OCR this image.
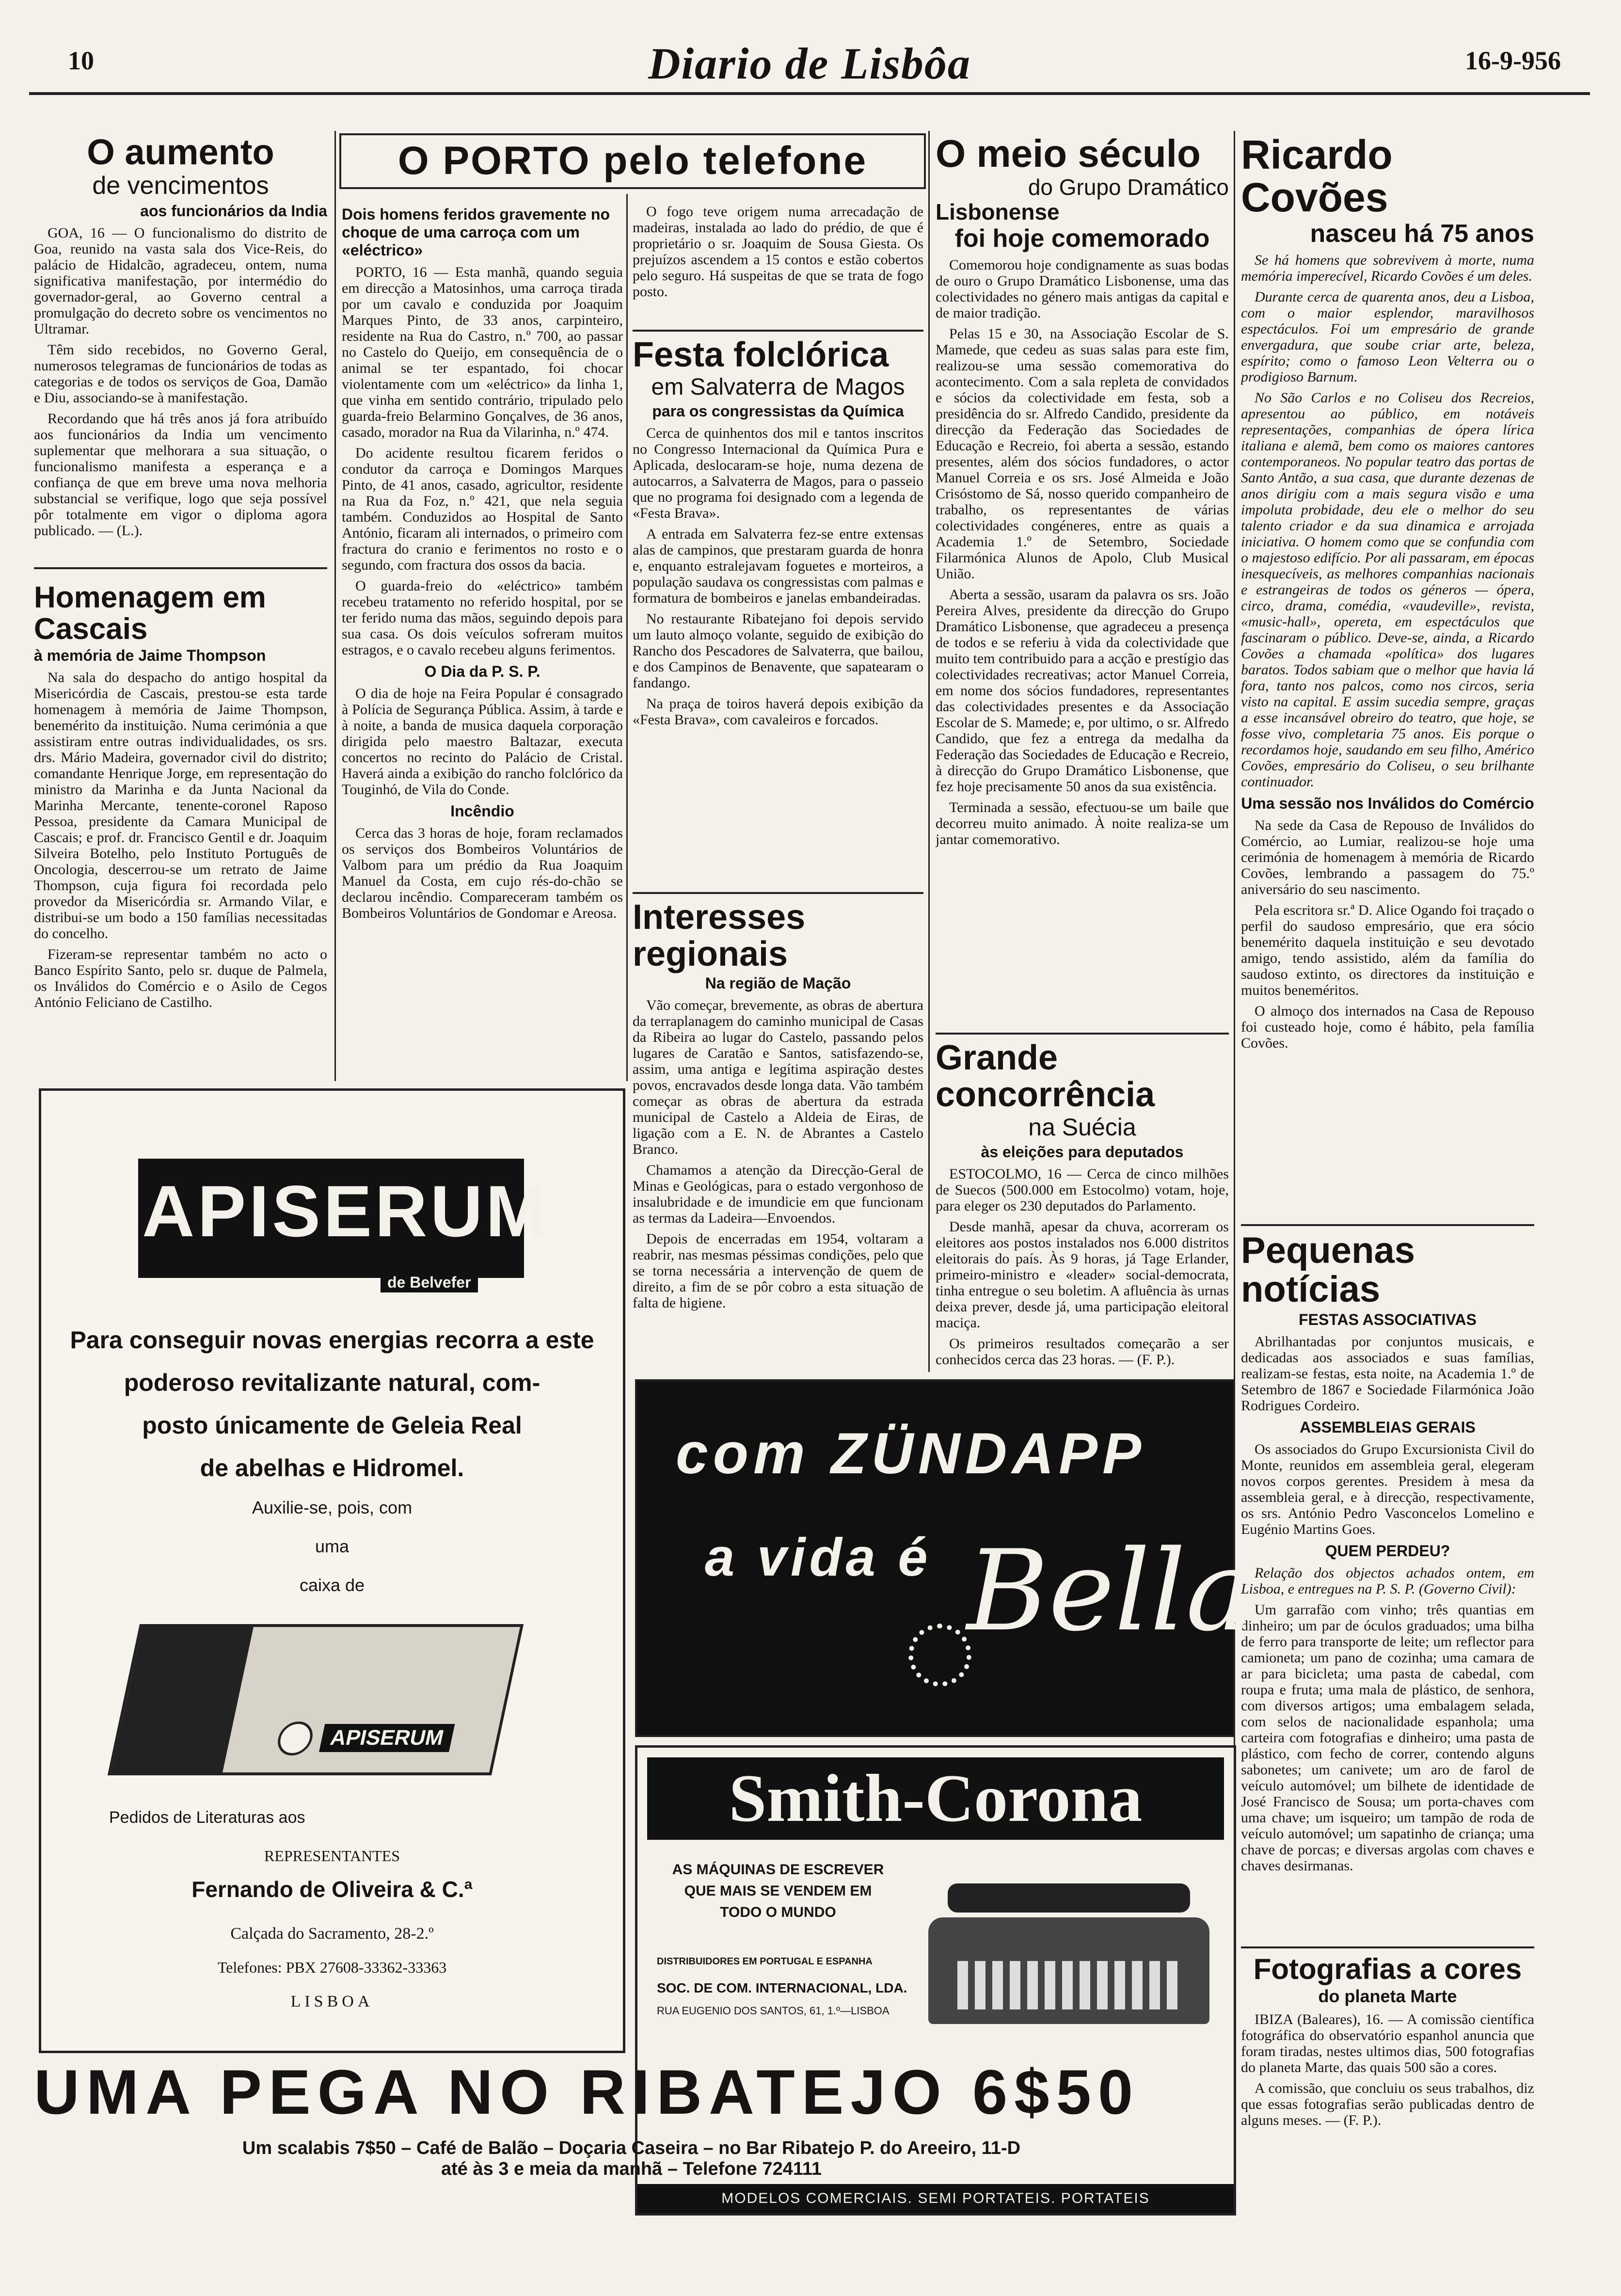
10	Diario de Lisbôa	16-9-956
O aumento
de vencimentos
aos funcionários da India

GOA, 16 — O funcionalismo do distrito de Goa, reunido na vasta sala dos Vice-Reis, do palácio de Hidalcão, agradeceu, ontem, numa significativa manifestação, por intermédio do governador-geral, ao Governo central a promulgação do decreto sobre os vencimentos no Ultramar.

Têm sido recebidos, no Governo Geral, numerosos telegramas de funcionários de todas as categorias e de todos os serviços de Goa, Damão e Diu, associando-se à manifestação.

Recordando que há três anos já fora atribuído aos funcionários da India um vencimento suplementar que melhorara a sua situação, o funcionalismo manifesta a esperança e a confiança de que em breve uma nova melhoria substancial se verifique, logo que seja possível pôr totalmente em vigor o diploma agora publicado. — (L.).

Homenagem em Cascais
à memória de Jaime Thompson

Na sala do despacho do antigo hospital da Misericórdia de Cascais, prestou-se esta tarde homenagem à memória de Jaime Thompson, benemérito da instituição. Numa cerimónia a que assistiram entre outras individualidades, os srs. drs. Mário Madeira, governador civil do distrito; comandante Henrique Jorge, em representação do ministro da Marinha e da Junta Nacional da Marinha Mercante, tenente-coronel Raposo Pessoa, presidente da Camara Municipal de Cascais; e prof. dr. Francisco Gentil e dr. Joaquim Silveira Botelho, pelo Instituto Português de Oncologia, descerrou-se um retrato de Jaime Thompson, cuja figura foi recordada pelo provedor da Misericórdia sr. Armando Vilar, e distribui-se um bodo a 150 famílias necessitadas do concelho.

Fizeram-se representar também no acto o Banco Espírito Santo, pelo sr. duque de Palmela, os Inválidos do Comércio e o Asilo de Cegos António Feliciano de Castilho.

O PORTO pelo telefone
Dois homens feridos gravemente no choque de uma carroça com um «eléctrico»

PORTO, 16 — Esta manhã, quando seguia em direcção a Matosinhos, uma carroça tirada por um cavalo e conduzida por Joaquim Marques Pinto, de 33 anos, carpinteiro, residente na Rua do Castro, n.º 700, ao passar no Castelo do Queijo, em consequência de o animal se ter espantado, foi chocar violentamente com um «eléctrico» da linha 1, que vinha em sentido contrário, tripulado pelo guarda-freio Belarmino Gonçalves, de 36 anos, casado, morador na Rua da Vilarinha, n.º 474.

Do acidente resultou ficarem feridos o condutor da carroça e Domingos Marques Pinto, de 41 anos, casado, agricultor, residente na Rua da Foz, n.º 421, que nela seguia também. Conduzidos ao Hospital de Santo António, ficaram ali internados, o primeiro com fractura do cranio e ferimentos no rosto e o segundo, com fractura dos ossos da bacia.

O guarda-freio do «eléctrico» também recebeu tratamento no referido hospital, por se ter ferido numa das mãos, seguindo depois para sua casa. Os dois veículos sofreram muitos estragos, e o cavalo recebeu alguns ferimentos.

O Dia da P. S. P.

O dia de hoje na Feira Popular é consagrado à Polícia de Segurança Pública. Assim, à tarde e à noite, a banda de musica daquela corporação dirigida pelo maestro Baltazar, executa concertos no recinto do Palácio de Cristal. Haverá ainda a exibição do rancho folclórico da Touginhó, de Vila do Conde.

Incêndio

Cerca das 3 horas de hoje, foram reclamados os serviços dos Bombeiros Voluntários de Valbom para um prédio da Rua Joaquim Manuel da Costa, em cujo rés-do-chão se declarou incêndio. Compareceram também os Bombeiros Voluntários de Gondomar e Areosa.

O fogo teve origem numa arrecadação de madeiras, instalada ao lado do prédio, de que é proprietário o sr. Joaquim de Sousa Giesta. Os prejuízos ascendem a 15 contos e estão cobertos pelo seguro. Há suspeitas de que se trata de fogo posto.

Festa folclórica
em Salvaterra de Magos
para os congressistas da Química

Cerca de quinhentos dos mil e tantos inscritos no Congresso Internacional da Química Pura e Aplicada, deslocaram-se hoje, numa dezena de autocarros, a Salvaterra de Magos, para o passeio que no programa foi designado com a legenda de «Festa Brava».

A entrada em Salvaterra fez-se entre extensas alas de campinos, que prestaram guarda de honra e, enquanto estralejavam foguetes e morteiros, a população saudava os congressistas com palmas e formatura de bombeiros e janelas embandeiradas.

No restaurante Ribatejano foi depois servido um lauto almoço volante, seguido de exibição do Rancho dos Pescadores de Salvaterra, que bailou, e dos Campinos de Benavente, que sapatearam o fandango.

Na praça de toiros haverá depois exibição da «Festa Brava», com cavaleiros e forcados.

Interesses regionais
Na região de Mação

Vão começar, brevemente, as obras de abertura da terraplanagem do caminho municipal de Casas da Ribeira ao lugar do Castelo, passando pelos lugares de Caratão e Santos, satisfazendo-se, assim, uma antiga e legítima aspiração destes povos, encravados desde longa data. Vão também começar as obras de abertura da estrada municipal de Castelo a Aldeia de Eiras, de ligação com a E. N. de Abrantes a Castelo Branco.

Chamamos a atenção da Direcção-Geral de Minas e Geológicas, para o estado vergonhoso de insalubridade e de imundicie em que funcionam as termas da Ladeira—Envoendos.

Depois de encerradas em 1954, voltaram a reabrir, nas mesmas péssimas condições, pelo que se torna necessária a intervenção de quem de direito, a fim de se pôr cobro a esta situação de falta de higiene.

O meio século
do Grupo Dramático
Lisbonense
foi hoje comemorado

Comemorou hoje condignamente as suas bodas de ouro o Grupo Dramático Lisbonense, uma das colectividades no género mais antigas da capital e de maior tradição.

Pelas 15 e 30, na Associação Escolar de S. Mamede, que cedeu as suas salas para este fim, realizou-se uma sessão comemorativa do acontecimento. Com a sala repleta de convidados e sócios da colectividade em festa, sob a presidência do sr. Alfredo Candido, presidente da direcção da Federação das Sociedades de Educação e Recreio, foi aberta a sessão, estando presentes, além dos sócios fundadores, o actor Manuel Correia e os srs. José Almeida e João Crisóstomo de Sá, nosso querido companheiro de trabalho, os representantes de várias colectividades congéneres, entre as quais a Academia 1.º de Setembro, Sociedade Filarmónica Alunos de Apolo, Club Musical União.

Aberta a sessão, usaram da palavra os srs. João Pereira Alves, presidente da direcção do Grupo Dramático Lisbonense, que agradeceu a presença de todos e se referiu à vida da colectividade que muito tem contribuido para a acção e prestígio das colectividades recreativas; actor Manuel Correia, em nome dos sócios fundadores, representantes das colectividades presentes e da Associação Escolar de S. Mamede; e, por ultimo, o sr. Alfredo Candido, que fez a entrega da medalha da Federação das Sociedades de Educação e Recreio, à direcção do Grupo Dramático Lisbonense, que fez hoje precisamente 50 anos da sua existência.

Terminada a sessão, efectuou-se um baile que decorreu muito animado. À noite realiza-se um jantar comemorativo.

Grande concorrência
na Suécia
às eleições para deputados

ESTOCOLMO, 16 — Cerca de cinco milhões de Suecos (500.000 em Estocolmo) votam, hoje, para eleger os 230 deputados do Parlamento.

Desde manhã, apesar da chuva, acorreram os eleitores aos postos instalados nos 6.000 distritos eleitorais do país. Às 9 horas, já Tage Erlander, primeiro-ministro e «leader» social-democrata, tinha entregue o seu boletim. A afluência às urnas deixa prever, desde já, uma participação eleitoral maciça.

Os primeiros resultados começarão a ser conhecidos cerca das 23 horas. — (F. P.).

Ricardo Covões
nasceu há 75 anos

Se há homens que sobrevivem à morte, numa memória imperecível, Ricardo Covões é um deles.

Durante cerca de quarenta anos, deu a Lisboa, com o maior esplendor, maravilhosos espectáculos. Foi um empresário de grande envergadura, que soube criar arte, beleza, espírito; como o famoso Leon Velterra ou o prodigioso Barnum.

No São Carlos e no Coliseu dos Recreios, apresentou ao público, em notáveis representações, companhias de ópera lírica italiana e alemã, bem como os maiores cantores contemporaneos. No popular teatro das portas de Santo Antão, a sua casa, que durante dezenas de anos dirigiu com a mais segura visão e uma impoluta probidade, deu ele o melhor do seu talento criador e da sua dinamica e arrojada iniciativa. O homem como que se confundia com o majestoso edifício. Por ali passaram, em épocas inesquecíveis, as melhores companhias nacionais e estrangeiras de todos os géneros — ópera, circo, drama, comédia, «vaudeville», revista, «music-hall», opereta, em espectáculos que fascinaram o público. Deve-se, ainda, a Ricardo Covões a chamada «política» dos lugares baratos. Todos sabiam que o melhor que havia lá fora, tanto nos palcos, como nos circos, seria visto na capital. E assim sucedia sempre, graças a esse incansável obreiro do teatro, que hoje, se fosse vivo, completaria 75 anos. Eis porque o recordamos hoje, saudando em seu filho, Américo Covões, empresário do Coliseu, o seu brilhante continuador.

Uma sessão nos Inválidos do Comércio

Na sede da Casa de Repouso de Inválidos do Comércio, ao Lumiar, realizou-se hoje uma cerimónia de homenagem à memória de Ricardo Covões, lembrando a passagem do 75.º aniversário do seu nascimento.

Pela escritora sr.ª D. Alice Ogando foi traçado o perfil do saudoso empresário, que era sócio benemérito daquela instituição e seu devotado amigo, tendo assistido, além da família do saudoso extinto, os directores da instituição e muitos beneméritos.

O almoço dos internados na Casa de Repouso foi custeado hoje, como é hábito, pela família Covões.

Pequenas notícias
FESTAS ASSOCIATIVAS

Abrilhantadas por conjuntos musicais, e dedicadas aos associados e suas famílias, realizam-se festas, esta noite, na Academia 1.º de Setembro de 1867 e Sociedade Filarmónica João Rodrigues Cordeiro.

ASSEMBLEIAS GERAIS

Os associados do Grupo Excursionista Civil do Monte, reunidos em assembleia geral, elegeram novos corpos gerentes. Presidem à mesa da assembleia geral, e à direcção, respectivamente, os srs. António Pedro Vasconcelos Lomelino e Eugénio Martins Goes.

QUEM PERDEU?

Relação dos objectos achados ontem, em Lisboa, e entregues na P. S. P. (Governo Civil):

Um garrafão com vinho; três quantias em dinheiro; um par de óculos graduados; uma bilha de ferro para transporte de leite; um reflector para camioneta; um pano de cozinha; uma camara de ar para bicicleta; uma pasta de cabedal, com roupa e fruta; uma mala de plástico, de senhora, com diversos artigos; uma embalagem selada, com selos de nacionalidade espanhola; uma carteira com fotografias e dinheiro; uma pasta de plástico, com fecho de correr, contendo alguns sabonetes; um canivete; um aro de farol de veículo automóvel; um bilhete de identidade de José Francisco de Sousa; um porta-chaves com uma chave; um isqueiro; um tampão de roda de veículo automóvel; um sapatinho de criança; uma chave de porcas; e diversas argolas com chaves e chaves desirmanas.

Fotografias a cores
do planeta Marte

IBIZA (Baleares), 16. — A comissão científica fotográfica do observatório espanhol anuncia que foram tiradas, nestes ultimos dias, 500 fotografias do planeta Marte, das quais 500 são a cores.

A comissão, que concluiu os seus trabalhos, diz que essas fotografias serão publicadas dentro de alguns meses. — (F. P.).

APISERUM
de Belvefer
Para conseguir novas energias recorra a este
poderoso revitalizante natural, com-
posto únicamente de Geleia Real
de abelhas e Hidromel.
Auxilie-se, pois, com
uma
caixa de
APISERUM
Pedidos de Literaturas aos
REPRESENTANTES
Fernando de Oliveira & C.ª
Calçada do Sacramento, 28-2.º
Telefones: PBX 27608-33362-33363
LISBOA
com ZÜNDAPP
a vida é Bella
Smith-Corona
AS MÁQUINAS DE ESCREVER
QUE MAIS SE VENDEM EM
TODO O MUNDO
DISTRIBUIDORES EM PORTUGAL E ESPANHA
SOC. DE COM. INTERNACIONAL, LDA.
RUA EUGENIO DOS SANTOS, 61, 1.º—LISBOA
MODELOS COMERCIAIS. SEMI PORTATEIS. PORTATEIS
UMA PEGA NO RIBATEJO 6$50
Um scalabis 7$50 – Café de Balão – Doçaria Caseira – no Bar Ribatejo P. do Areeiro, 11-D
até às 3 e meia da manhã – Telefone 724111
